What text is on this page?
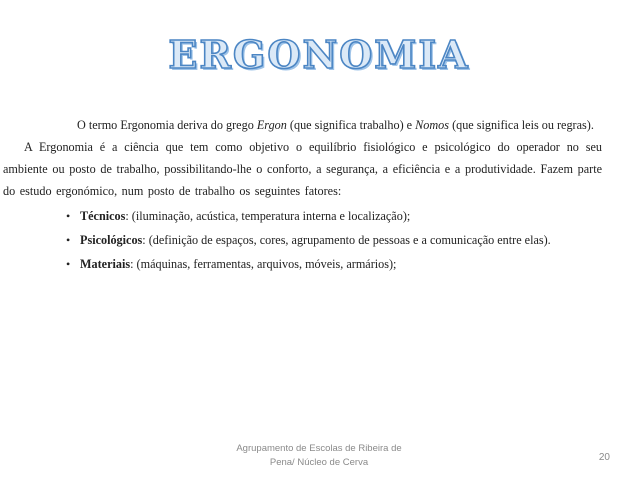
ERGONOMIA

O termo Ergonomia deriva do grego Ergon (que significa trabalho) e Nomos (que significa leis ou regras).

A Ergonomia é a ciência que tem como objetivo o equilíbrio fisiológico e psicológico do operador no seu ambiente ou posto de trabalho, possibilitando-lhe o conforto, a segurança, a eficiência e a produtividade. Fazem parte do estudo ergonómico, num posto de trabalho os seguintes fatores:

• Técnicos: (iluminação, acústica, temperatura interna e localização);
• Psicológicos: (definição de espaços, cores, agrupamento de pessoas e a comunicação entre elas).
• Materiais: (máquinas, ferramentas, arquivos, móveis, armários);
Agrupamento de Escolas de Ribeira de
Pena/ Núcleo de Cerva	20
